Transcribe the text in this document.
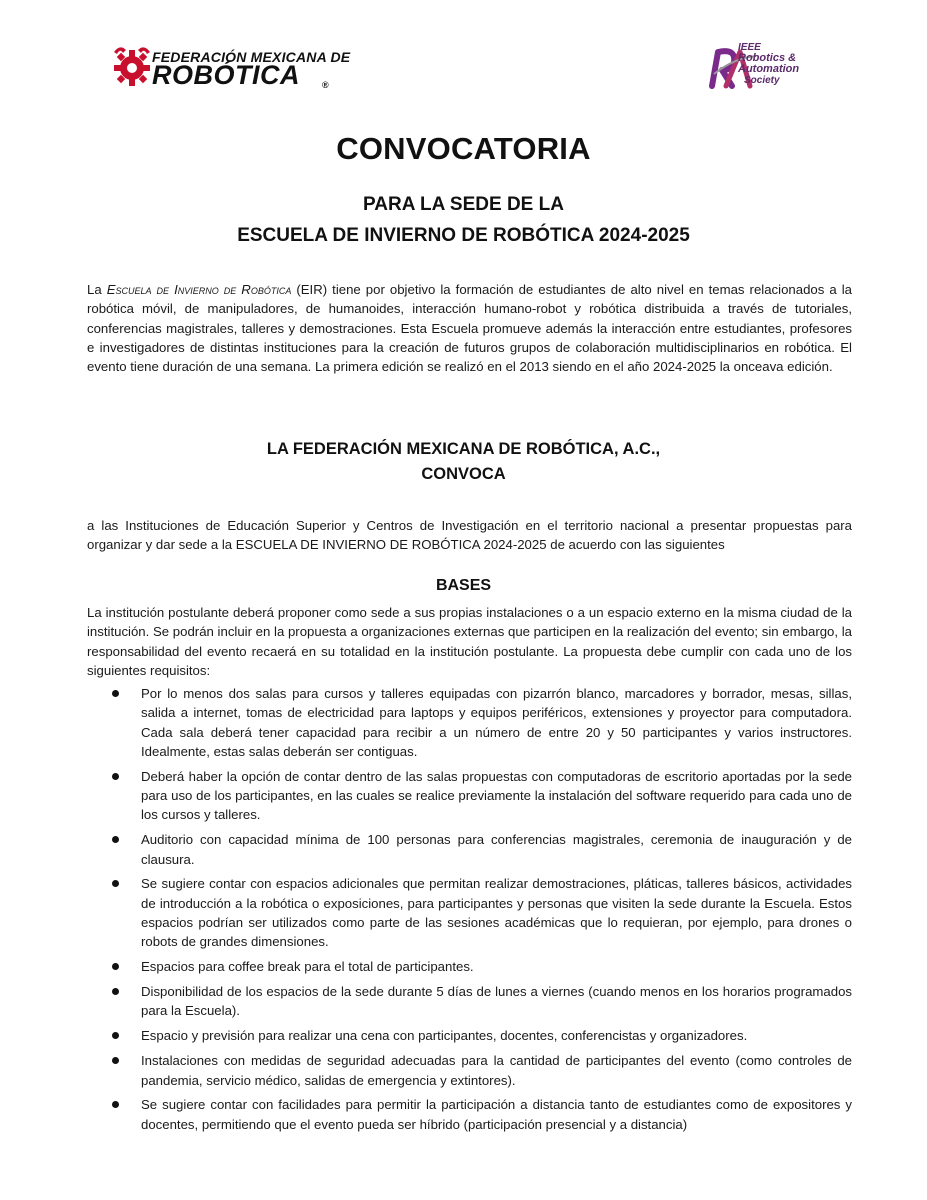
FEDERACIÓN MEXICANA DE
ROBÓTICA ®
IEEE
Robotics &
Automation
Society
CONVOCATORIA
PARA LA SEDE DE LA
ESCUELA DE INVIERNO DE ROBÓTICA 2024-2025
La Escuela de Invierno de Robótica (EIR) tiene por objetivo la formación de estudiantes de alto nivel en temas relacionados a la robótica móvil, de manipuladores, de humanoides, interacción humano-robot y robótica distribuida a través de tutoriales, conferencias magistrales, talleres y demostraciones. Esta Escuela promueve además la interacción entre estudiantes, profesores e investigadores de distintas instituciones para la creación de futuros grupos de colaboración multidisciplinarios en robótica. El evento tiene duración de una semana. La primera edición se realizó en el 2013 siendo en el año 2024-2025 la onceava edición.
LA FEDERACIÓN MEXICANA DE ROBÓTICA, A.C.,
CONVOCA
a las Instituciones de Educación Superior y Centros de Investigación en el territorio nacional a presentar propuestas para organizar y dar sede a la ESCUELA DE INVIERNO DE ROBÓTICA 2024-2025 de acuerdo con las siguientes
BASES
La institución postulante deberá proponer como sede a sus propias instalaciones o a un espacio externo en la misma ciudad de la institución. Se podrán incluir en la propuesta a organizaciones externas que participen en la realización del evento; sin embargo, la responsabilidad del evento recaerá en su totalidad en la institución postulante. La propuesta debe cumplir con cada uno de los siguientes requisitos:
Por lo menos dos salas para cursos y talleres equipadas con pizarrón blanco, marcadores y borrador, mesas, sillas, salida a internet, tomas de electricidad para laptops y equipos periféricos, extensiones y proyector para computadora. Cada sala deberá tener capacidad para recibir a un número de entre 20 y 50 participantes y varios instructores. Idealmente, estas salas deberán ser contiguas.
Deberá haber la opción de contar dentro de las salas propuestas con computadoras de escritorio aportadas por la sede para uso de los participantes, en las cuales se realice previamente la instalación del software requerido para cada uno de los cursos y talleres.
Auditorio con capacidad mínima de 100 personas para conferencias magistrales, ceremonia de inauguración y de clausura.
Se sugiere contar con espacios adicionales que permitan realizar demostraciones, pláticas, talleres básicos, actividades de introducción a la robótica o exposiciones, para participantes y personas que visiten la sede durante la Escuela. Estos espacios podrían ser utilizados como parte de las sesiones académicas que lo requieran, por ejemplo, para drones o robots de grandes dimensiones.
Espacios para coffee break para el total de participantes.
Disponibilidad de los espacios de la sede durante 5 días de lunes a viernes (cuando menos en los horarios programados para la Escuela).
Espacio y previsión para realizar una cena con participantes, docentes, conferencistas y organizadores.
Instalaciones con medidas de seguridad adecuadas para la cantidad de participantes del evento (como controles de pandemia, servicio médico, salidas de emergencia y extintores).
Se sugiere contar con facilidades para permitir la participación a distancia tanto de estudiantes como de expositores y docentes, permitiendo que el evento pueda ser híbrido (participación presencial y a distancia)
